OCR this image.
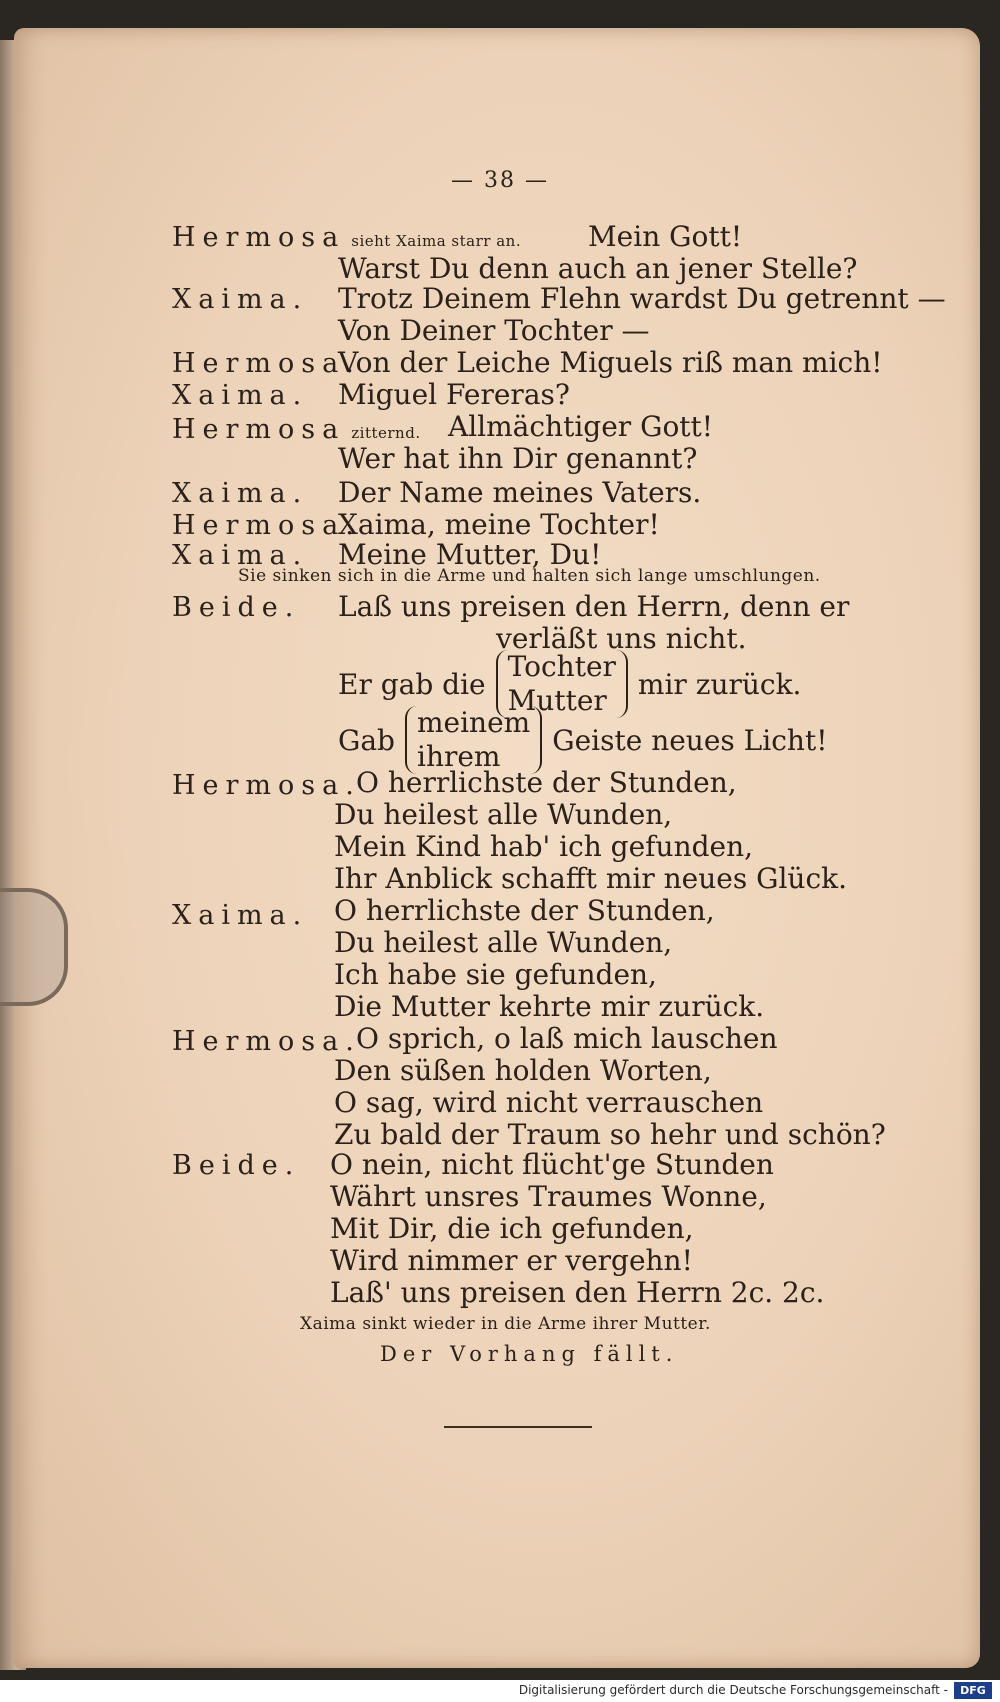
— 38 —
Hermosa sieht Xaima starr an. Mein Gott!
Warst Du denn auch an jener Stelle?
Xaima. Trotz Deinem Flehn wardst Du getrennt —
Von Deiner Tochter —
Hermosa.
Von der Leiche Miguels riß man mich!
Xaima. Miguel Fereras?
Hermosa zitternd. Allmächtiger Gott!
Wer hat ihn Dir genannt?
Xaima. Der Name meines Vaters.
Hermosa.
Xaima, meine Tochter!
Xaima. Meine Mutter, Du!
Sie sinken sich in die Arme und halten sich lange umschlungen.
Beide. Laß uns preisen den Herrn, denn er
verläßt uns nicht.
Er gab die
Tochter
Mutter	mir zurück.
Gab
meinem
ihrem	Geiste neues Licht!
Hermosa.
O herrlichste der Stunden,
Du heilest alle Wunden,
Mein Kind hab' ich gefunden,
Ihr Anblick schafft mir neues Glück.
Xaima. O herrlichste der Stunden,
Du heilest alle Wunden,
Ich habe sie gefunden,
Die Mutter kehrte mir zurück.
Hermosa.
O sprich, o laß mich lauschen
Den süßen holden Worten,
O sag, wird nicht verrauschen
Zu bald der Traum so hehr und schön?
Beide. O nein, nicht flücht'ge Stunden
Währt unsres Traumes Wonne,
Mit Dir, die ich gefunden,
Wird nimmer er vergehn!
Laß' uns preisen den Herrn 2c. 2c.
Xaima sinkt wieder in die Arme ihrer Mutter.
Der Vorhang fällt.
Digitalisierung gefördert durch die Deutsche Forschungsgemeinschaft -	DFG
